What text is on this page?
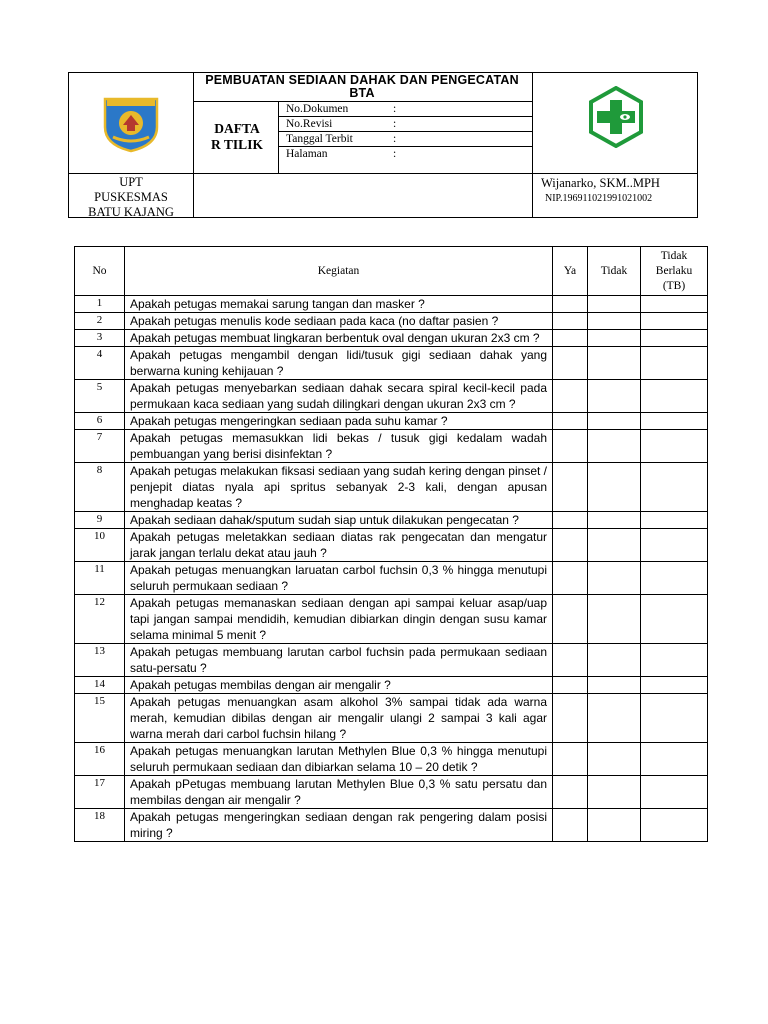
PEMBUATAN SEDIAAN DAHAK DAN PENGECATAN BTA
DAFTA
R TILIK
No.Dokumen	:
No.Revisi	:
Tanggal Terbit	:
Halaman	:
UPT
PUSKESMAS
BATU KAJANG
Wijanarko, SKM..MPH
NIP.196911021991021002
No	Kegiatan	Ya	Tidak	Tidak
Berlaku
(TB)

1	Apakah petugas memakai sarung tangan dan masker ?			
2	Apakah petugas menulis kode sediaan pada kaca (no daftar pasien ?			
3	Apakah petugas membuat lingkaran berbentuk oval dengan ukuran 2x3 cm ?			
4	Apakah petugas mengambil dengan lidi/tusuk gigi sediaan dahak yang berwarna kuning kehijauan ?			
5	Apakah petugas menyebarkan sediaan dahak secara spiral kecil-kecil pada permukaan kaca sediaan yang sudah dilingkari dengan ukuran 2x3 cm ?			
6	Apakah petugas mengeringkan sediaan pada suhu kamar ?			
7	Apakah petugas memasukkan lidi bekas / tusuk gigi kedalam wadah pembuangan yang berisi disinfektan ?			
8	Apakah petugas melakukan fiksasi sediaan yang sudah kering dengan pinset / penjepit diatas nyala api spritus sebanyak 2-3 kali, dengan apusan menghadap keatas ?			
9	Apakah sediaan dahak/sputum sudah siap untuk dilakukan pengecatan ?			
10	Apakah petugas meletakkan sediaan diatas rak pengecatan dan mengatur jarak jangan terlalu dekat atau jauh ?			
11	Apakah petugas menuangkan laruatan carbol fuchsin 0,3 % hingga menutupi seluruh permukaan sediaan ?			
12	Apakah petugas memanaskan sediaan dengan api sampai keluar asap/uap tapi jangan sampai mendidih, kemudian dibiarkan dingin dengan susu kamar selama minimal 5 menit ?			
13	Apakah petugas membuang larutan carbol fuchsin pada permukaan sediaan satu-persatu ?			
14	Apakah petugas membilas dengan air mengalir ?			
15	Apakah petugas menuangkan asam alkohol 3% sampai tidak ada warna merah, kemudian dibilas dengan air mengalir ulangi 2 sampai 3 kali agar warna merah dari carbol fuchsin hilang ?			
16	Apakah petugas menuangkan larutan Methylen Blue 0,3 % hingga menutupi seluruh permukaan sediaan dan dibiarkan selama 10 – 20 detik ?			
17	Apakah pPetugas membuang larutan Methylen Blue 0,3 % satu persatu dan membilas dengan air mengalir ?			
18	Apakah petugas mengeringkan sediaan dengan rak pengering dalam posisi miring ?			
